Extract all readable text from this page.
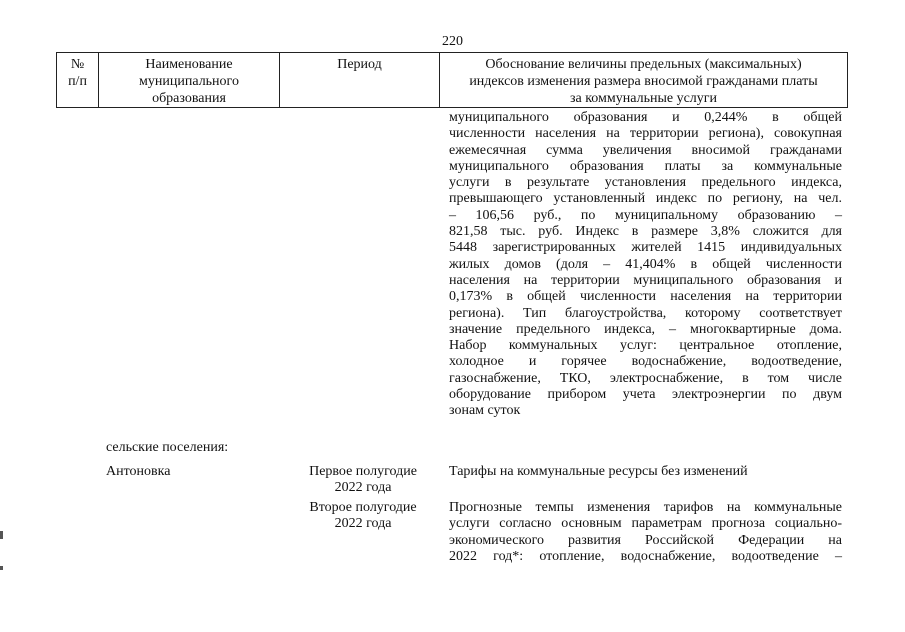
220
№
п/п
Наименование
муниципального
образования
Период	Обоснование величины предельных (максимальных)
индексов изменения размера вносимой гражданами платы
за коммунальные услуги
муниципального образования и 0,244% в общей
численности населения на территории региона), совокупная
ежемесячная сумма увеличения вносимой гражданами
муниципального образования платы за коммунальные
услуги в результате установления предельного индекса,
превышающего установленный индекс по региону, на чел.
– 106,56 руб., по муниципальному образованию –
821,58 тыс. руб. Индекс в размере 3,8% сложится для
5448 зарегистрированных жителей 1415 индивидуальных
жилых домов (доля – 41,404% в общей численности
населения на территории муниципального образования и
0,173% в общей численности населения на территории
региона). Тип благоустройства, которому соответствует
значение предельного индекса, – многоквартирные дома.
Набор коммунальных услуг: центральное отопление,
холодное и горячее водоснабжение, водоотведение,
газоснабжение, ТКО, электроснабжение, в том числе
оборудование прибором учета электроэнергии по двум
зонам суток
сельские поселения:
Антоновка	Первое полугодие
2022 года
Тарифы на коммунальные ресурсы без изменений
Второе полугодие
2022 года
Прогнозные темпы изменения тарифов на коммунальные
услуги согласно основным параметрам прогноза социально-
экономического развития Российской Федерации на
2022 год*: отопление, водоснабжение, водоотведение –
